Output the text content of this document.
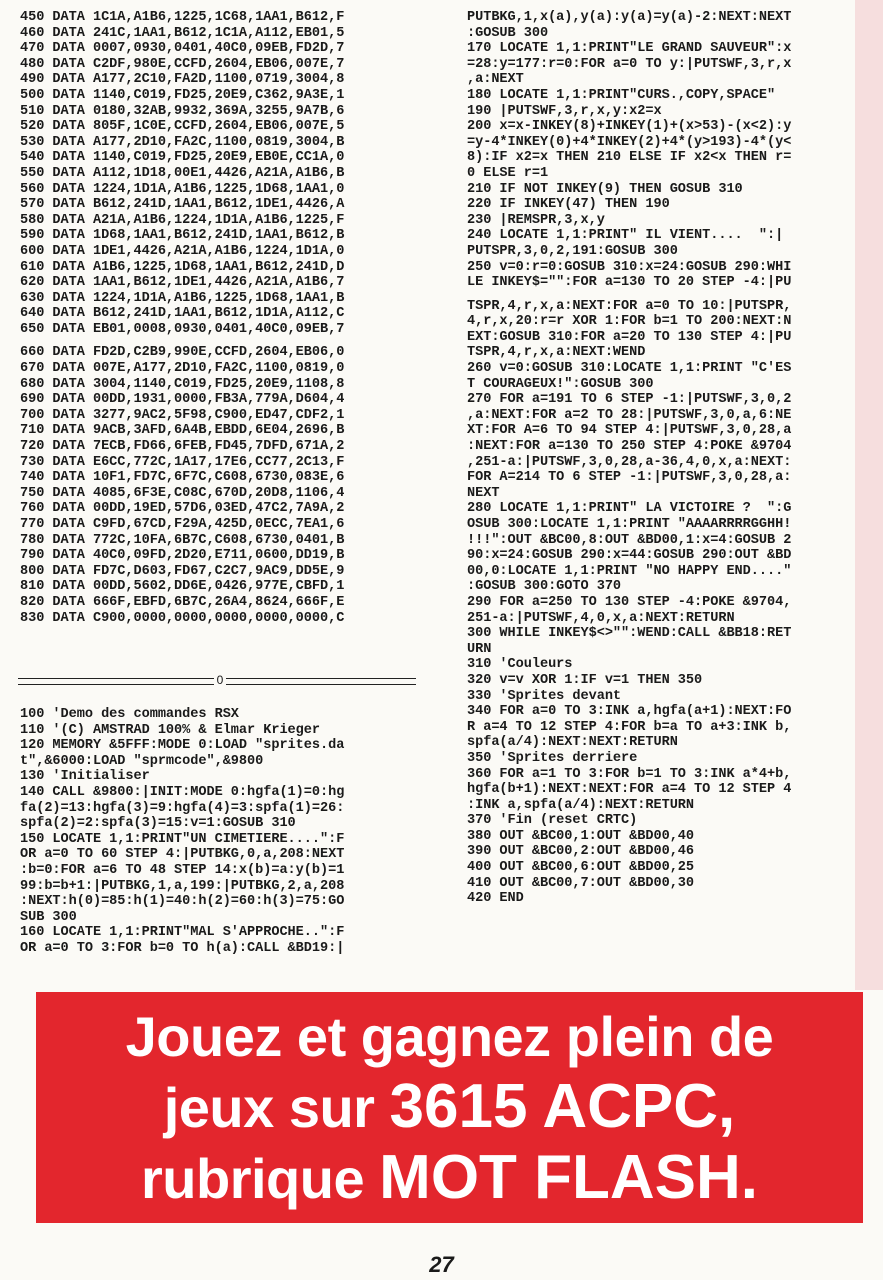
450 DATA 1C1A,A1B6,1225,1C68,1AA1,B612,F
460 DATA 241C,1AA1,B612,1C1A,A112,EB01,5
470 DATA 0007,0930,0401,40C0,09EB,FD2D,7
480 DATA C2DF,980E,CCFD,2604,EB06,007E,7
490 DATA A177,2C10,FA2D,1100,0719,3004,8
500 DATA 1140,C019,FD25,20E9,C362,9A3E,1
510 DATA 0180,32AB,9932,369A,3255,9A7B,6
520 DATA 805F,1C0E,CCFD,2604,EB06,007E,5
530 DATA A177,2D10,FA2C,1100,0819,3004,B
540 DATA 1140,C019,FD25,20E9,EB0E,CC1A,0
550 DATA A112,1D18,00E1,4426,A21A,A1B6,B
560 DATA 1224,1D1A,A1B6,1225,1D68,1AA1,0
570 DATA B612,241D,1AA1,B612,1DE1,4426,A
580 DATA A21A,A1B6,1224,1D1A,A1B6,1225,F
590 DATA 1D68,1AA1,B612,241D,1AA1,B612,B
600 DATA 1DE1,4426,A21A,A1B6,1224,1D1A,0
610 DATA A1B6,1225,1D68,1AA1,B612,241D,D
620 DATA 1AA1,B612,1DE1,4426,A21A,A1B6,7
630 DATA 1224,1D1A,A1B6,1225,1D68,1AA1,B
640 DATA B612,241D,1AA1,B612,1D1A,A112,C
650 DATA EB01,0008,0930,0401,40C0,09EB,7
660 DATA FD2D,C2B9,990E,CCFD,2604,EB06,0
670 DATA 007E,A177,2D10,FA2C,1100,0819,0
680 DATA 3004,1140,C019,FD25,20E9,1108,8
690 DATA 00DD,1931,0000,FB3A,779A,D604,4
700 DATA 3277,9AC2,5F98,C900,ED47,CDF2,1
710 DATA 9ACB,3AFD,6A4B,EBDD,6E04,2696,B
720 DATA 7ECB,FD66,6FEB,FD45,7DFD,671A,2
730 DATA E6CC,772C,1A17,17E6,CC77,2C13,F
740 DATA 10F1,FD7C,6F7C,C608,6730,083E,6
750 DATA 4085,6F3E,C08C,670D,20D8,1106,4
760 DATA 00DD,19ED,57D6,03ED,47C2,7A9A,2
770 DATA C9FD,67CD,F29A,425D,0ECC,7EA1,6
780 DATA 772C,10FA,6B7C,C608,6730,0401,B
790 DATA 40C0,09FD,2D20,E711,0600,DD19,B
800 DATA FD7C,D603,FD67,C2C7,9AC9,DD5E,9
810 DATA 00DD,5602,DD6E,0426,977E,CBFD,1
820 DATA 666F,EBFD,6B7C,26A4,8624,666F,E
830 DATA C900,0000,0000,0000,0000,0000,C
0
100 'Demo des commandes RSX
110 '(C) AMSTRAD 100% & Elmar Krieger
120 MEMORY &5FFF:MODE 0:LOAD "sprites.da
t",&6000:LOAD "sprmcode",&9800
130 'Initialiser
140 CALL &9800:|INIT:MODE 0:hgfa(1)=0:hg
fa(2)=13:hgfa(3)=9:hgfa(4)=3:spfa(1)=26:
spfa(2)=2:spfa(3)=15:v=1:GOSUB 310
150 LOCATE 1,1:PRINT"UN CIMETIERE....":F
OR a=0 TO 60 STEP 4:|PUTBKG,0,a,208:NEXT
:b=0:FOR a=6 TO 48 STEP 14:x(b)=a:y(b)=1
99:b=b+1:|PUTBKG,1,a,199:|PUTBKG,2,a,208
:NEXT:h(0)=85:h(1)=40:h(2)=60:h(3)=75:GO
SUB 300
160 LOCATE 1,1:PRINT"MAL S'APPROCHE..":F
OR a=0 TO 3:FOR b=0 TO h(a):CALL &BD19:|
PUTBKG,1,x(a),y(a):y(a)=y(a)-2:NEXT:NEXT
:GOSUB 300
170 LOCATE 1,1:PRINT"LE GRAND SAUVEUR":x
=28:y=177:r=0:FOR a=0 TO y:|PUTSWF,3,r,x
,a:NEXT
180 LOCATE 1,1:PRINT"CURS.,COPY,SPACE"
190 |PUTSWF,3,r,x,y:x2=x
200 x=x-INKEY(8)+INKEY(1)+(x>53)-(x<2):y
=y-4*INKEY(0)+4*INKEY(2)+4*(y>193)-4*(y<
8):IF x2=x THEN 210 ELSE IF x2<x THEN r=
0 ELSE r=1
210 IF NOT INKEY(9) THEN GOSUB 310
220 IF INKEY(47) THEN 190
230 |REMSPR,3,x,y
240 LOCATE 1,1:PRINT" IL VIENT....  ":|
PUTSPR,3,0,2,191:GOSUB 300
250 v=0:r=0:GOSUB 310:x=24:GOSUB 290:WHI
LE INKEY$="":FOR a=130 TO 20 STEP -4:|PU
TSPR,4,r,x,a:NEXT:FOR a=0 TO 10:|PUTSPR,
4,r,x,20:r=r XOR 1:FOR b=1 TO 200:NEXT:N
EXT:GOSUB 310:FOR a=20 TO 130 STEP 4:|PU
TSPR,4,r,x,a:NEXT:WEND
260 v=0:GOSUB 310:LOCATE 1,1:PRINT "C'ES
T COURAGEUX!":GOSUB 300
270 FOR a=191 TO 6 STEP -1:|PUTSWF,3,0,2
,a:NEXT:FOR a=2 TO 28:|PUTSWF,3,0,a,6:NE
XT:FOR A=6 TO 94 STEP 4:|PUTSWF,3,0,28,a
:NEXT:FOR a=130 TO 250 STEP 4:POKE &9704
,251-a:|PUTSWF,3,0,28,a-36,4,0,x,a:NEXT:
FOR A=214 TO 6 STEP -1:|PUTSWF,3,0,28,a:
NEXT
280 LOCATE 1,1:PRINT" LA VICTOIRE ?  ":G
OSUB 300:LOCATE 1,1:PRINT "AAAARRRRGGHH!
!!!":OUT &BC00,8:OUT &BD00,1:x=4:GOSUB 2
90:x=24:GOSUB 290:x=44:GOSUB 290:OUT &BD
00,0:LOCATE 1,1:PRINT "NO HAPPY END...."
:GOSUB 300:GOTO 370
290 FOR a=250 TO 130 STEP -4:POKE &9704,
251-a:|PUTSWF,4,0,x,a:NEXT:RETURN
300 WHILE INKEY$<>"":WEND:CALL &BB18:RET
URN
310 'Couleurs
320 v=v XOR 1:IF v=1 THEN 350
330 'Sprites devant
340 FOR a=0 TO 3:INK a,hgfa(a+1):NEXT:FO
R a=4 TO 12 STEP 4:FOR b=a TO a+3:INK b,
spfa(a/4):NEXT:NEXT:RETURN
350 'Sprites derriere
360 FOR a=1 TO 3:FOR b=1 TO 3:INK a*4+b,
hgfa(b+1):NEXT:NEXT:FOR a=4 TO 12 STEP 4
:INK a,spfa(a/4):NEXT:RETURN
370 'Fin (reset CRTC)
380 OUT &BC00,1:OUT &BD00,40
390 OUT &BC00,2:OUT &BD00,46
400 OUT &BC00,6:OUT &BD00,25
410 OUT &BC00,7:OUT &BD00,30
420 END
Jouez et gagnez plein de
jeux sur 3615 ACPC,
rubrique MOT FLASH.
27
